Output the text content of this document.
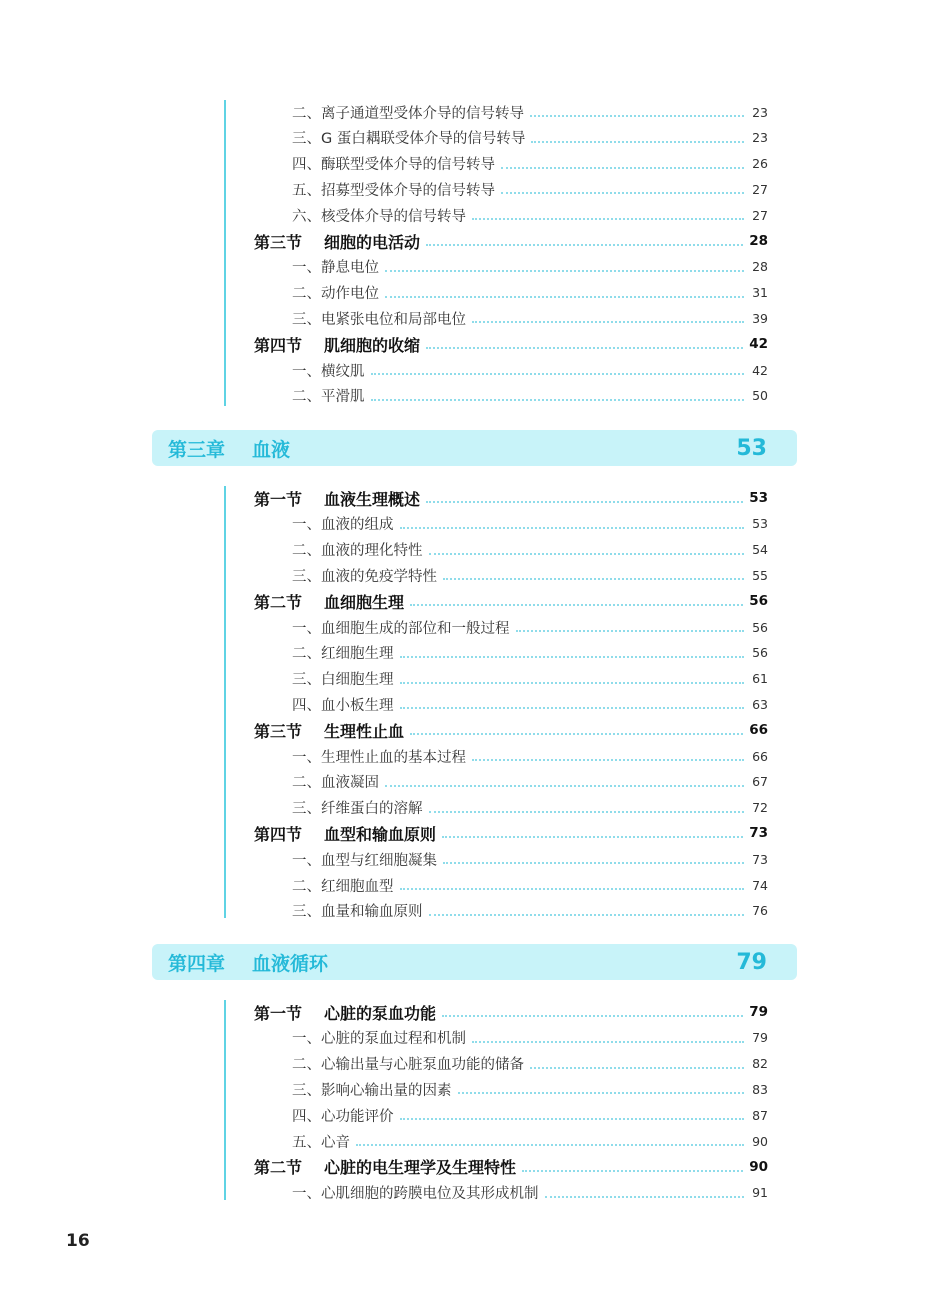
二、离子通道型受体介导的信号转导	23
三、G 蛋白耦联受体介导的信号转导	23
四、酶联型受体介导的信号转导	26
五、招募型受体介导的信号转导	27
六、核受体介导的信号转导	27
第三节 细胞的电活动	28
一、静息电位	28
二、动作电位	31
三、电紧张电位和局部电位	39
第四节 肌细胞的收缩	42
一、横纹肌	42
二、平滑肌	50
第三章	血液	53
第一节 血液生理概述	53
一、血液的组成	53
二、血液的理化特性	54
三、血液的免疫学特性	55
第二节 血细胞生理	56
一、血细胞生成的部位和一般过程	56
二、红细胞生理	56
三、白细胞生理	61
四、血小板生理	63
第三节 生理性止血	66
一、生理性止血的基本过程	66
二、血液凝固	67
三、纤维蛋白的溶解	72
第四节 血型和输血原则	73
一、血型与红细胞凝集	73
二、红细胞血型	74
三、血量和输血原则	76
第四章	血液循环	79
第一节 心脏的泵血功能	79
一、心脏的泵血过程和机制	79
二、心输出量与心脏泵血功能的储备	82
三、影响心输出量的因素	83
四、心功能评价	87
五、心音	90
第二节 心脏的电生理学及生理特性	90
一、心肌细胞的跨膜电位及其形成机制	91
16
